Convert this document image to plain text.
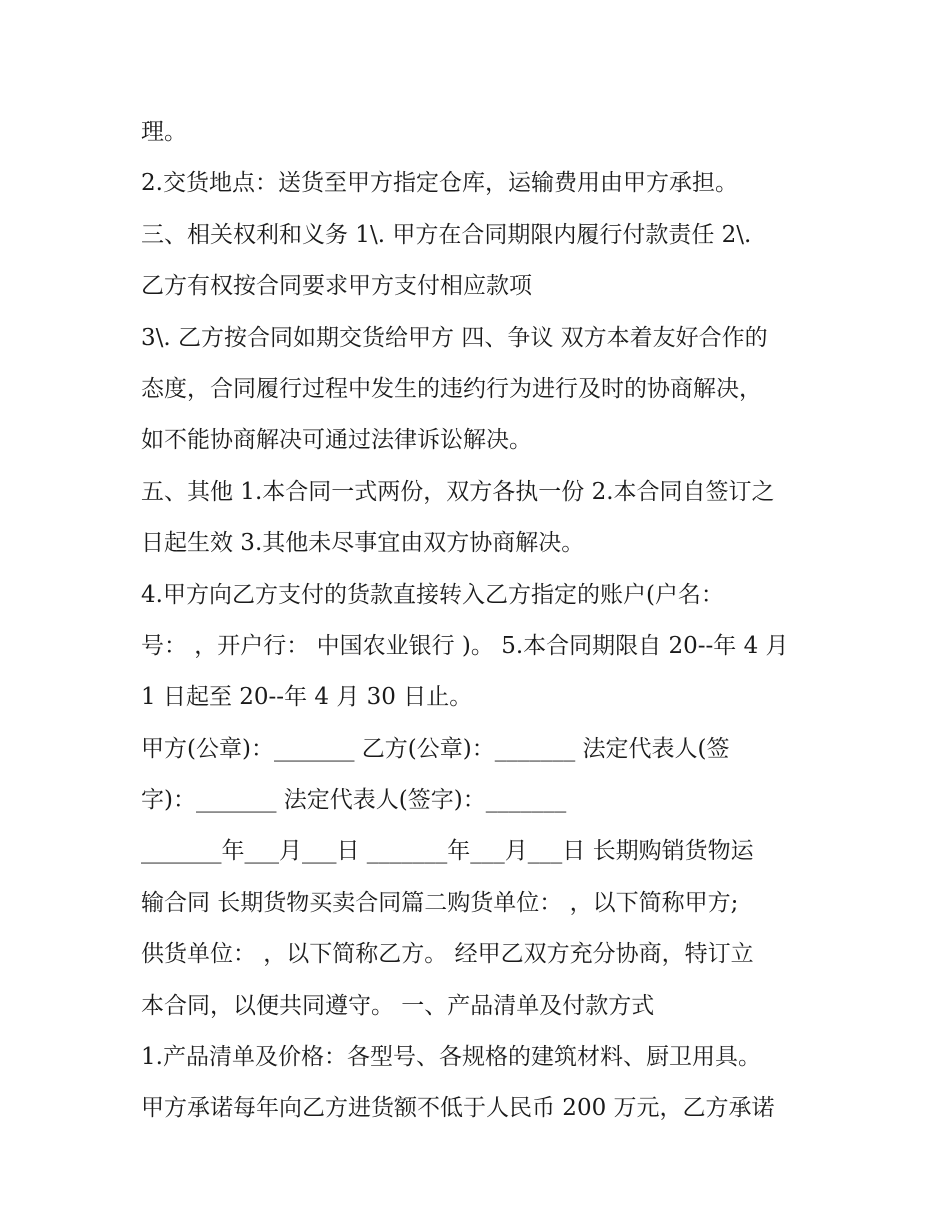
理。
2.交货地点：送货至甲方指定仓库，运输费用由甲方承担。
三、相关权利和义务 1\. 甲方在合同期限内履行付款责任 2\.
乙方有权按合同要求甲方支付相应款项
3\. 乙方按合同如期交货给甲方 四、争议 双方本着友好合作的
态度，合同履行过程中发生的违约行为进行及时的协商解决，
如不能协商解决可通过法律诉讼解决。
五、其他 1.本合同一式两份，双方各执一份 2.本合同自签订之
日起生效 3.其他未尽事宜由双方协商解决。
4.甲方向乙方支付的货款直接转入乙方指定的账户(户名：
号： ，开户行： 中国农业银行 )。 5.本合同期限自 20--年 4 月
1 日起至 20--年 4 月 30 日止。
甲方(公章)：_______ 乙方(公章)：_______ 法定代表人(签
字)：_______ 法定代表人(签字)：_______
_______年___月___日 _______年___月___日 长期购销货物运
输合同 长期货物买卖合同篇二购货单位： ，以下简称甲方;
供货单位： ，以下简称乙方。 经甲乙双方充分协商，特订立
本合同，以便共同遵守。 一、产品清单及付款方式
1.产品清单及价格：各型号、各规格的建筑材料、厨卫用具。
甲方承诺每年向乙方进货额不低于人民币 200 万元，乙方承诺
